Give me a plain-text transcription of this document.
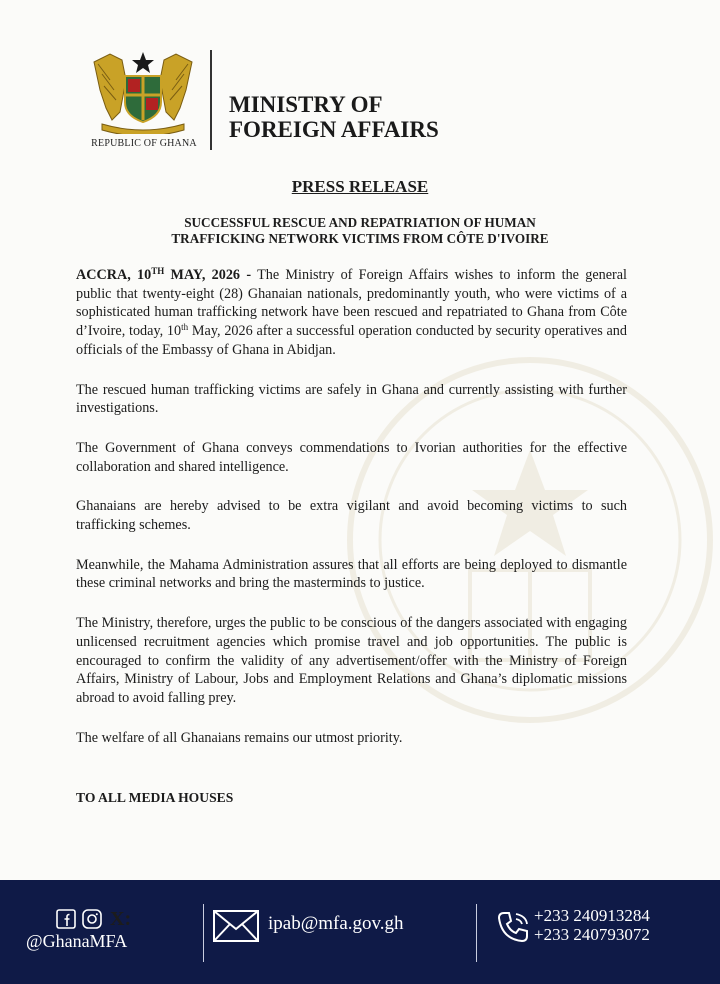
REPUBLIC OF GHANA
MINISTRY OF
FOREIGN AFFAIRS
PRESS RELEASE
SUCCESSFUL RESCUE AND REPATRIATION OF HUMAN
TRAFFICKING NETWORK VICTIMS FROM CÔTE D'IVOIRE

ACCRA, 10TH MAY, 2026 - The Ministry of Foreign Affairs wishes to inform the general public that twenty-eight (28) Ghanaian nationals, predominantly youth, who were victims of a sophisticated human trafficking network have been rescued and repatriated to Ghana from Côte d’Ivoire, today, 10th May, 2026 after a successful operation conducted by security operatives and officials of the Embassy of Ghana in Abidjan.

The rescued human trafficking victims are safely in Ghana and currently assisting with further investigations.

The Government of Ghana conveys commendations to Ivorian authorities for the effective collaboration and shared intelligence.

Ghanaians are hereby advised to be extra vigilant and avoid becoming victims to such trafficking schemes.

Meanwhile, the Mahama Administration assures that all efforts are being deployed to dismantle these criminal networks and bring the masterminds to justice.

The Ministry, therefore, urges the public to be conscious of the dangers associated with engaging unlicensed recruitment agencies which promise travel and job opportunities. The public is encouraged to confirm the validity of any advertisement/offer with the Ministry of Foreign Affairs, Ministry of Labour, Jobs and Employment Relations and Ghana’s diplomatic missions abroad to avoid falling prey.

The welfare of all Ghanaians remains our utmost priority.

TO ALL MEDIA HOUSES
X:
@GhanaMFA
ipab@mfa.gov.gh	+233 240913284
+233 240793072
